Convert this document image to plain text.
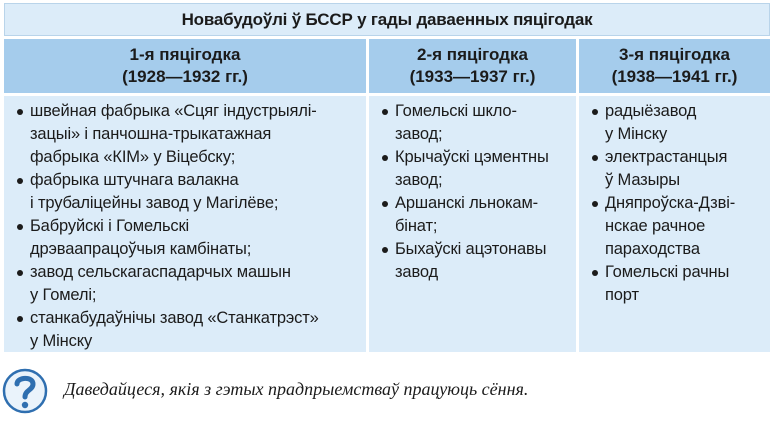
Новабудоўлі ў БССР у гады даваенных пяцігодак
1-я пяцігодка
(1928—1932 гг.)
2-я пяцігодка
(1933—1937 гг.)
3-я пяцігодка
(1938—1941 гг.)
швейная фабрыка «Сцяг індустрыялі-
зацыі» і панчошна-трыкатажная
фабрыка «КІМ» у Віцебску;
фабрыка штучнага валакна
і трубаліцейны завод у Магілёве;
Бабруйскі і Гомельскі
дрэваапрацоўчыя камбінаты;
завод сельскагаспадарчых машын
у Гомелі;
станкабудаўнічы завод «Станкатрэст»
у Мінску
Гомельскі шкло-
завод;
Крычаўскі цэментны
завод;
Аршанскі льнокам-
бінат;
Быхаўскі ацэтонавы
завод
радыёзавод
у Мінску
электрастанцыя
ў Мазыры
Дняпроўска-Дзві-
нскае рачное
параходства
Гомельскі рачны
порт
Даведайцеся, якія з гэтых прадпрыемстваў працуюць сёння.
